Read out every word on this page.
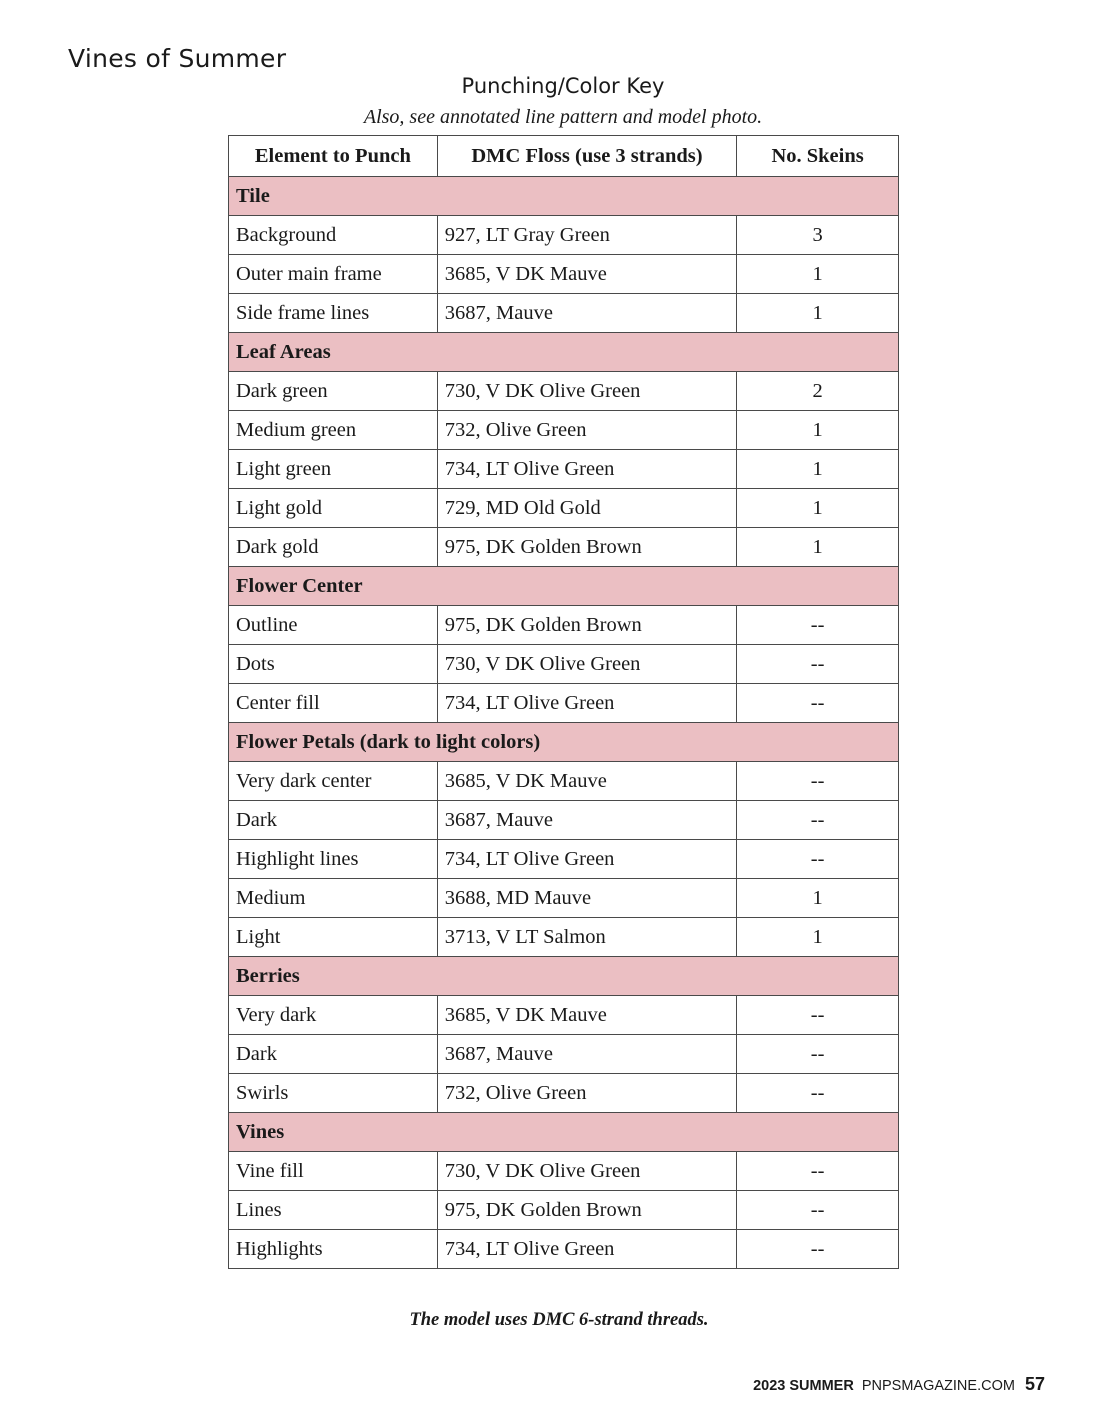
Vines of Summer
Punching/Color Key
Also, see annotated line pattern and model photo.
Element to Punch	DMC Floss (use 3 strands)	No. Skeins
Tile		
Background	927, LT Gray Green	3
Outer main frame	3685, V DK Mauve	1
Side frame lines	3687, Mauve	1
Leaf Areas		
Dark green	730, V DK Olive Green	2
Medium green	732, Olive Green	1
Light green	734, LT Olive Green	1
Light gold	729, MD Old Gold	1
Dark gold	975, DK Golden Brown	1
Flower Center		
Outline	975, DK Golden Brown	--
Dots	730, V DK Olive Green	--
Center fill	734, LT Olive Green	--
Flower Petals (dark to light colors)		
Very dark center	3685, V DK Mauve	--
Dark	3687, Mauve	--
Highlight lines	734, LT Olive Green	--
Medium	3688, MD Mauve	1
Light	3713, V LT Salmon	1
Berries		
Very dark	3685, V DK Mauve	--
Dark	3687, Mauve	--
Swirls	732, Olive Green	--
Vines		
Vine fill	730, V DK Olive Green	--
Lines	975, DK Golden Brown	--
Highlights	734, LT Olive Green	--
The model uses DMC 6-strand threads.
2023 SUMMER PNPSMAGAZINE.COM 57
